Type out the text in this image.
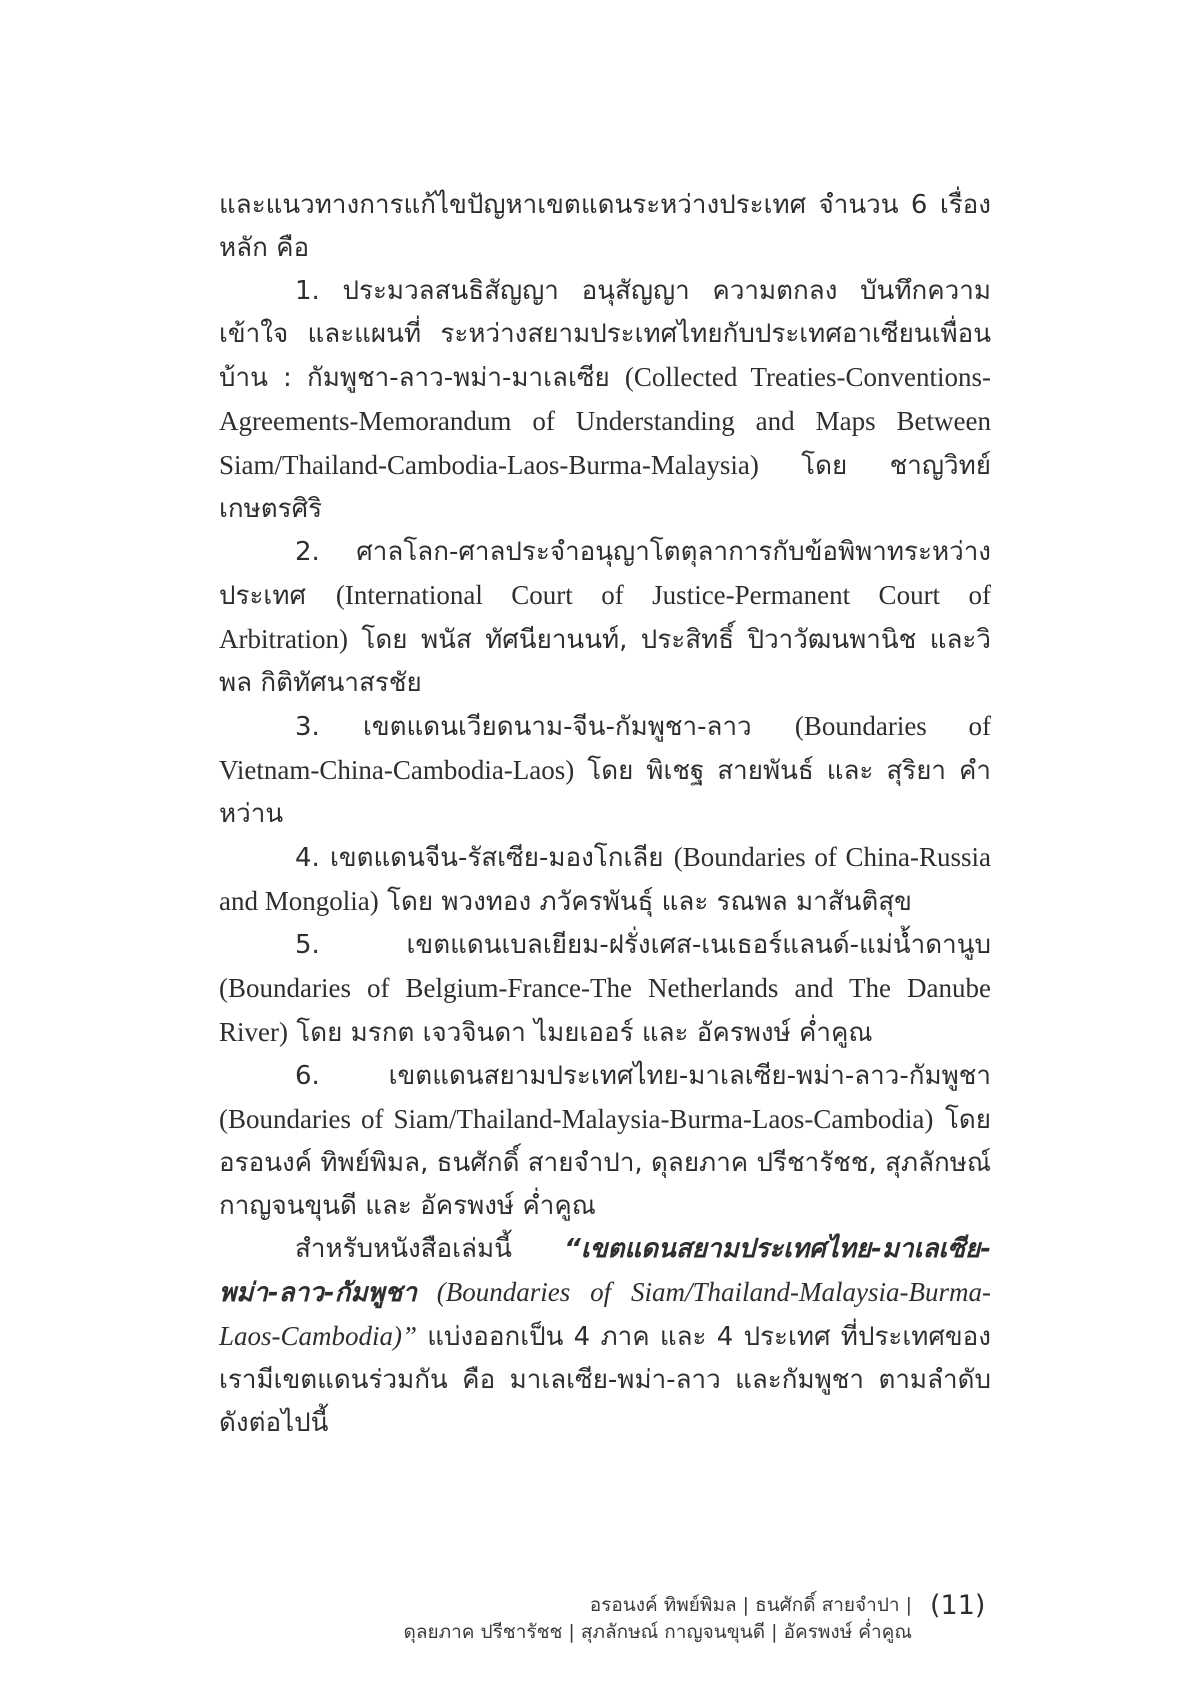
และแนวทางการแก้ไขปัญหาเขตแดนระหว่างประเทศ จำนวน 6 เรื่องหลัก คือ

1. ประมวลสนธิสัญญา อนุสัญญา ความตกลง บันทึกความเข้าใจ และแผนที่ ระหว่างสยามประเทศไทยกับประเทศอาเซียนเพื่อนบ้าน : กัมพูชา-ลาว-พม่า-มาเลเซีย (Collected Treaties-Conventions-Agreements-Memorandum of Understanding and Maps Between Siam/Thailand-Cambodia-Laos-Burma-Malaysia) โดย ชาญวิทย์ เกษตรศิริ

2. ศาลโลก-ศาลประจำอนุญาโตตุลาการกับข้อพิพาทระหว่างประเทศ (International Court of Justice-Permanent Court of Arbitration) โดย พนัส ทัศนียานนท์, ประสิทธิ์ ปิวาวัฒนพานิช และวิพล กิติทัศนาสรชัย

3. เขตแดนเวียดนาม-จีน-กัมพูชา-ลาว (Boundaries of Vietnam-China-Cambodia-Laos) โดย พิเชฐ สายพันธ์ และ สุริยา คำหว่าน

4. เขตแดนจีน-รัสเซีย-มองโกเลีย (Boundaries of China-Russia and Mongolia) โดย พวงทอง ภวัครพันธุ์ และ รณพล มาสันติสุข

5. เขตแดนเบลเยียม-ฝรั่งเศส-เนเธอร์แลนด์-แม่น้ำดานูบ (Boundaries of Belgium-France-The Netherlands and The Danube River) โดย มรกต เจวจินดา ไมยเออร์ และ อัครพงษ์ ค่ำคูณ

6. เขตแดนสยามประเทศไทย-มาเลเซีย-พม่า-ลาว-กัมพูชา (Boundaries of Siam/Thailand-Malaysia-Burma-Laos-Cambodia) โดย อรอนงค์ ทิพย์พิมล, ธนศักดิ์ สายจำปา, ดุลยภาค ปรีชารัชช, สุภลักษณ์ กาญจนขุนดี และ อัครพงษ์ ค่ำคูณ

สำหรับหนังสือเล่มนี้ “เขตแดนสยามประเทศไทย-มาเลเซีย-พม่า-ลาว-กัมพูชา (Boundaries of Siam/Thailand-Malaysia-Burma-Laos-Cambodia)” แบ่งออกเป็น 4 ภาค และ 4 ประเทศ ที่ประเทศของเรามีเขตแดนร่วมกัน คือ มาเลเซีย-พม่า-ลาว และกัมพูชา ตามลำดับดังต่อไปนี้

อรอนงค์ ทิพย์พิมล | ธนศักดิ์ สายจำปา |
ดุลยภาค ปรีชารัชช | สุภลักษณ์ กาญจนขุนดี | อัครพงษ์ ค่ำคูณ
(11)
